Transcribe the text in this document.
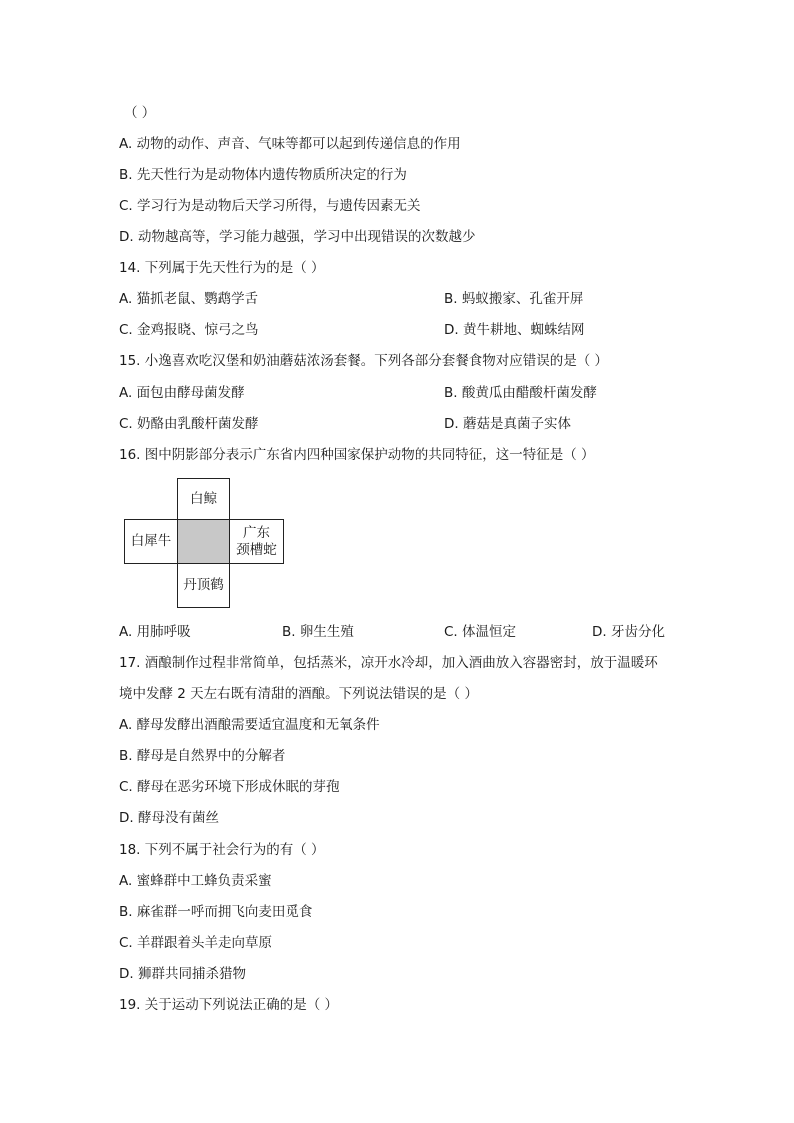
（ ）
A. 动物的动作、声音、气味等都可以起到传递信息的作用
B. 先天性行为是动物体内遗传物质所决定的行为
C. 学习行为是动物后天学习所得，与遗传因素无关
D. 动物越高等，学习能力越强，学习中出现错误的次数越少
14. 下列属于先天性行为的是（ ）
A. 猫抓老鼠、鹦鹉学舌	B. 蚂蚁搬家、孔雀开屏
C. 金鸡报晓、惊弓之鸟	D. 黄牛耕地、蜘蛛结网
15. 小逸喜欢吃汉堡和奶油蘑菇浓汤套餐。下列各部分套餐食物对应错误的是（ ）
A. 面包由酵母菌发酵	B. 酸黄瓜由醋酸杆菌发酵
C. 奶酪由乳酸杆菌发酵	D. 蘑菇是真菌子实体
16. 图中阴影部分表示广东省内四种国家保护动物的共同特征，这一特征是（ ）
A. 用肺呼吸	B. 卵生生殖	C. 体温恒定	D. 牙齿分化
17. 酒酿制作过程非常简单，包括蒸米，凉开水冷却，加入酒曲放入容器密封，放于温暖环
境中发酵 2 天左右既有清甜的酒酿。下列说法错误的是（ ）
A. 酵母发酵出酒酿需要适宜温度和无氧条件
B. 酵母是自然界中的分解者
C. 酵母在恶劣环境下形成休眠的芽孢
D. 酵母没有菌丝
18. 下列不属于社会行为的有（ ）
A. 蜜蜂群中工蜂负责采蜜
B. 麻雀群一呼而拥飞向麦田觅食
C. 羊群跟着头羊走向草原
D. 狮群共同捕杀猎物
19. 关于运动下列说法正确的是（ ）
白鲸
白犀牛
广东
颈槽蛇
丹顶鹤
